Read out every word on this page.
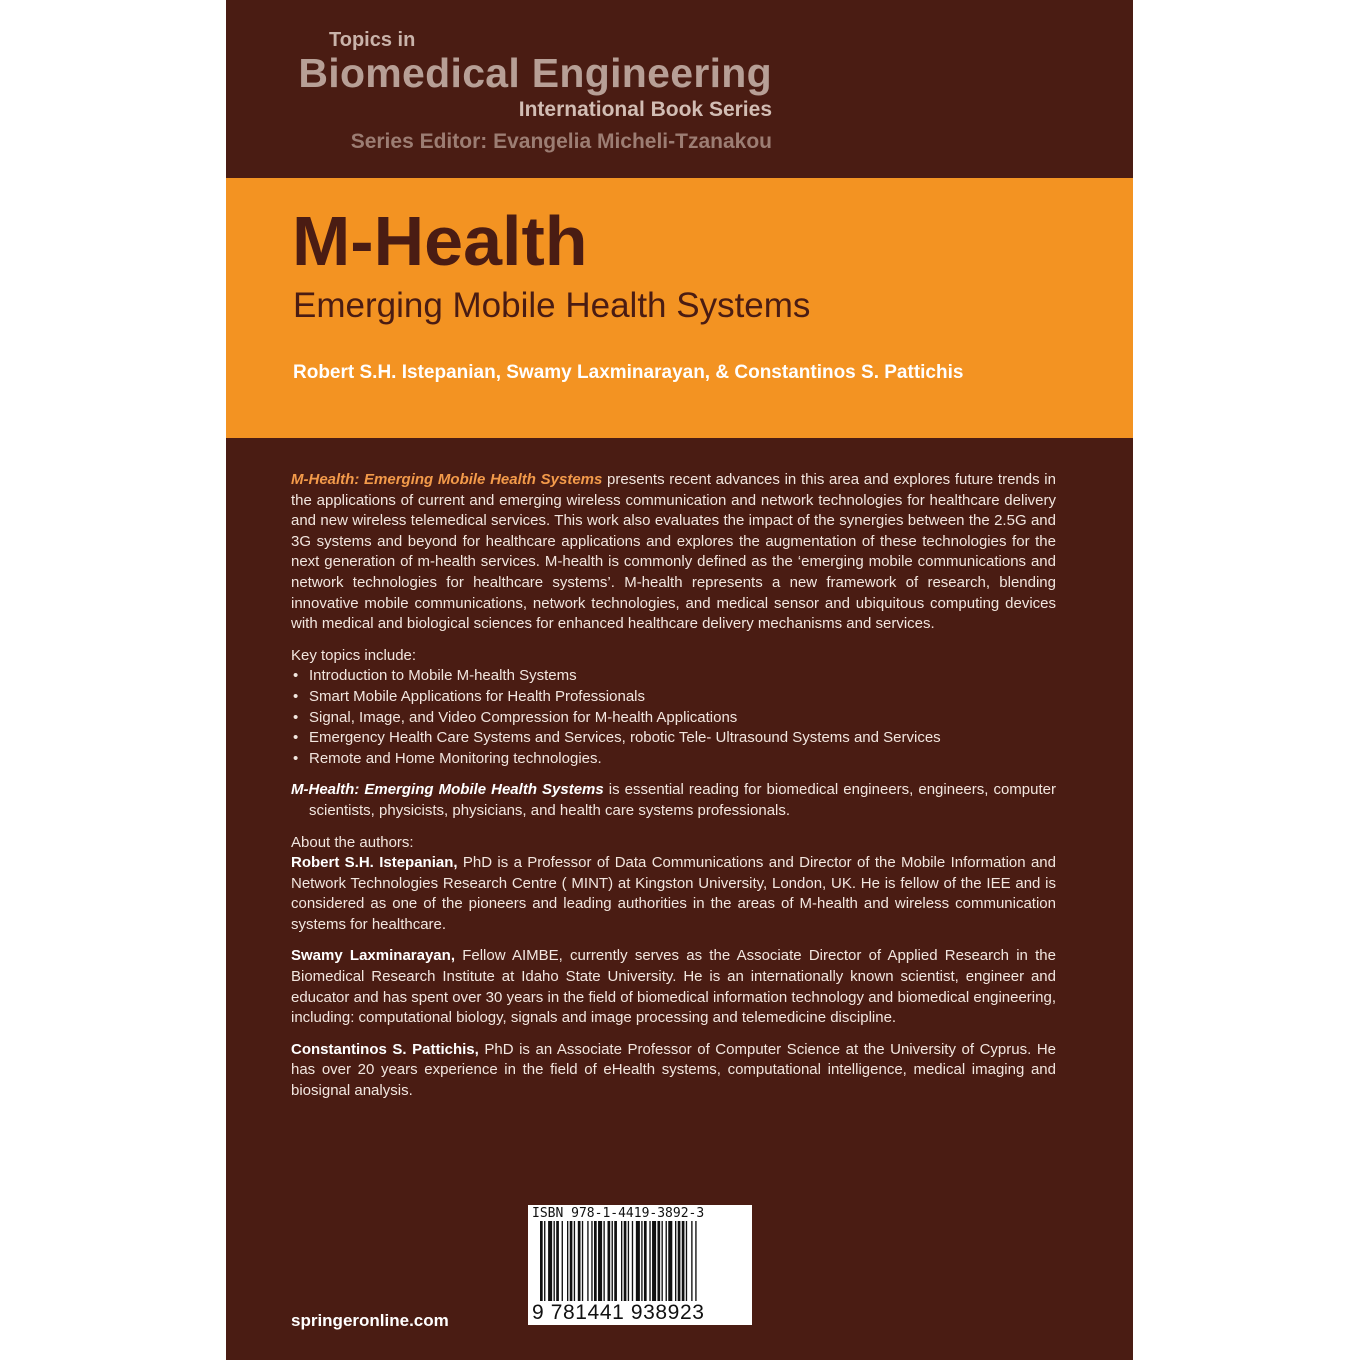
Topics in
Biomedical Engineering
International Book Series
Series Editor: Evangelia Micheli-Tzanakou
M-Health
Emerging Mobile Health Systems
Robert S.H. Istepanian, Swamy Laxminarayan, & Constantinos S. Pattichis

M-Health: Emerging Mobile Health Systems presents recent advances in this area and explores future trends in the applications of current and emerging wireless communication and network technologies for healthcare delivery and new wireless telemedical services. This work also evaluates the impact of the synergies between the 2.5G and 3G systems and beyond for healthcare applications and explores the augmentation of these technologies for the next generation of m-health services. M-health is commonly defined as the ‘emerging mobile communications and network technologies for healthcare systems’. M-health represents a new framework of research, blending innovative mobile communications, network technologies, and medical sensor and ubiquitous computing devices with medical and biological sciences for enhanced healthcare delivery mechanisms and services.

Key topics include:
• Introduction to Mobile M-health Systems
• Smart Mobile Applications for Health Professionals
• Signal, Image, and Video Compression for M-health Applications
• Emergency Health Care Systems and Services, robotic Tele- Ultrasound Systems and Services
• Remote and Home Monitoring technologies.

M-Health: Emerging Mobile Health Systems is essential reading for biomedical engineers, engineers, computer scientists, physicists, physicians, and health care systems professionals.

About the authors:

Robert S.H. Istepanian, PhD is a Professor of Data Communications and Director of the Mobile Information and Network Technologies Research Centre ( MINT) at Kingston University, London, UK. He is fellow of the IEE and is considered as one of the pioneers and leading authorities in the areas of M-health and wireless communication systems for healthcare.

Swamy Laxminarayan, Fellow AIMBE, currently serves as the Associate Director of Applied Research in the Biomedical Research Institute at Idaho State University. He is an internationally known scientist, engineer and educator and has spent over 30 years in the field of biomedical information technology and biomedical engineering, including: computational biology, signals and image processing and telemedicine discipline.

Constantinos S. Pattichis, PhD is an Associate Professor of Computer Science at the University of Cyprus. He has over 20 years experience in the field of eHealth systems, computational intelligence, medical imaging and biosignal analysis.

ISBN 978-1-4419-3892-3
9 781441 938923
springeronline.com
